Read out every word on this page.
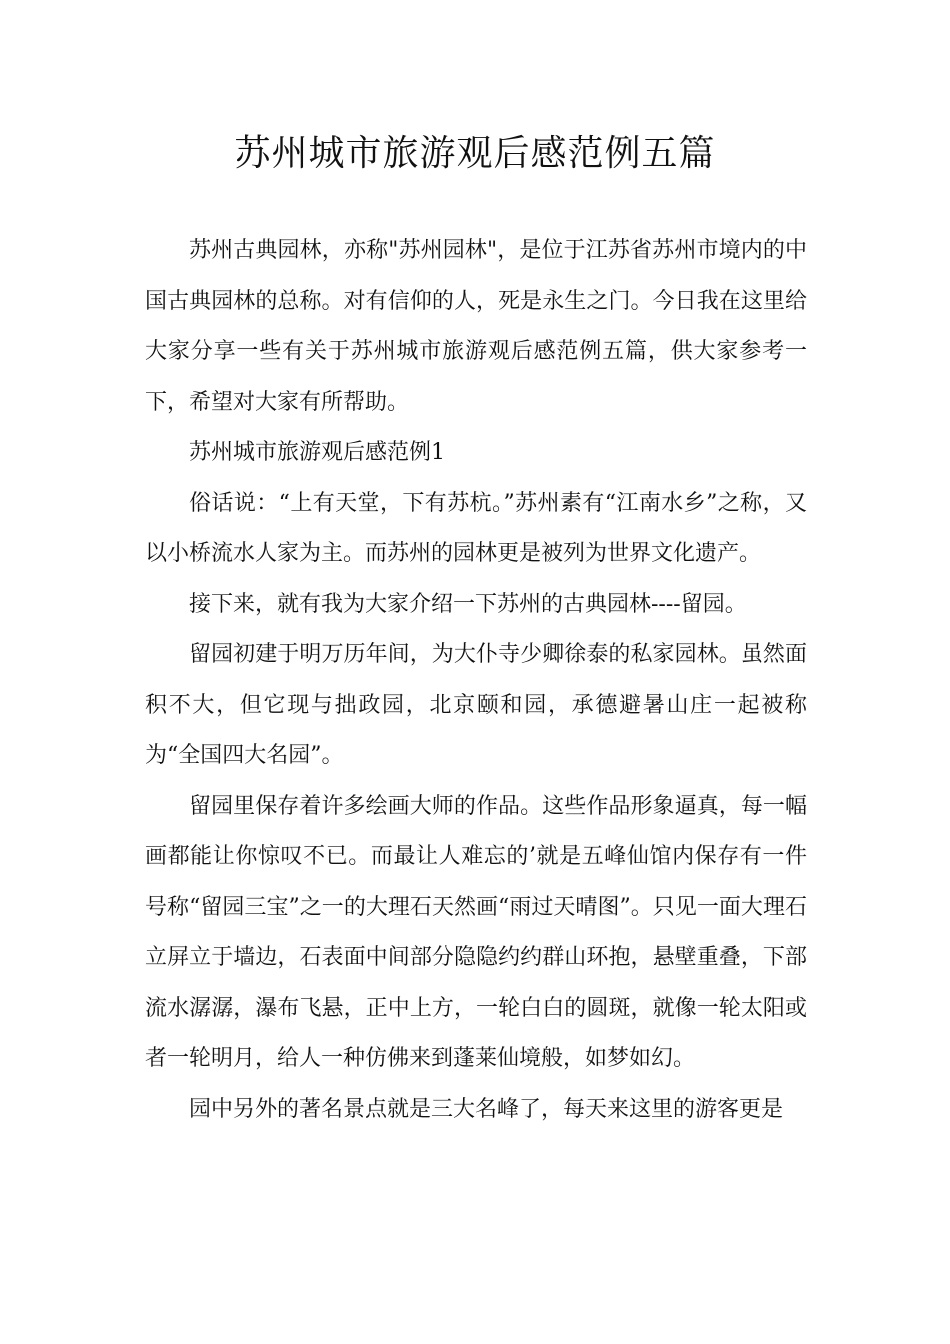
苏州城市旅游观后感范例五篇

苏州古典园林，亦称"苏州园林"，是位于江苏省苏州市境内的中国古典园林的总称。对有信仰的人，死是永生之门。今日我在这里给大家分享一些有关于苏州城市旅游观后感范例五篇，供大家参考一下，希望对大家有所帮助。

苏州城市旅游观后感范例1

俗话说：“上有天堂，下有苏杭。”苏州素有“江南水乡”之称，又以小桥流水人家为主。而苏州的园林更是被列为世界文化遗产。

接下来，就有我为大家介绍一下苏州的古典园林----留园。

留园初建于明万历年间，为大仆寺少卿徐泰的私家园林。虽然面积不大，但它现与拙政园，北京颐和园，承德避暑山庄一起被称为“全国四大名园”。

留园里保存着许多绘画大师的作品。这些作品形象逼真，每一幅画都能让你惊叹不已。而最让人难忘的’就是五峰仙馆内保存有一件号称“留园三宝”之一的大理石天然画“雨过天晴图”。只见一面大理石立屏立于墙边，石表面中间部分隐隐约约群山环抱，悬壁重叠，下部流水潺潺，瀑布飞悬，正中上方，一轮白白的圆斑，就像一轮太阳或者一轮明月，给人一种仿佛来到蓬莱仙境般，如梦如幻。

园中另外的著名景点就是三大名峰了，每天来这里的游客更是
